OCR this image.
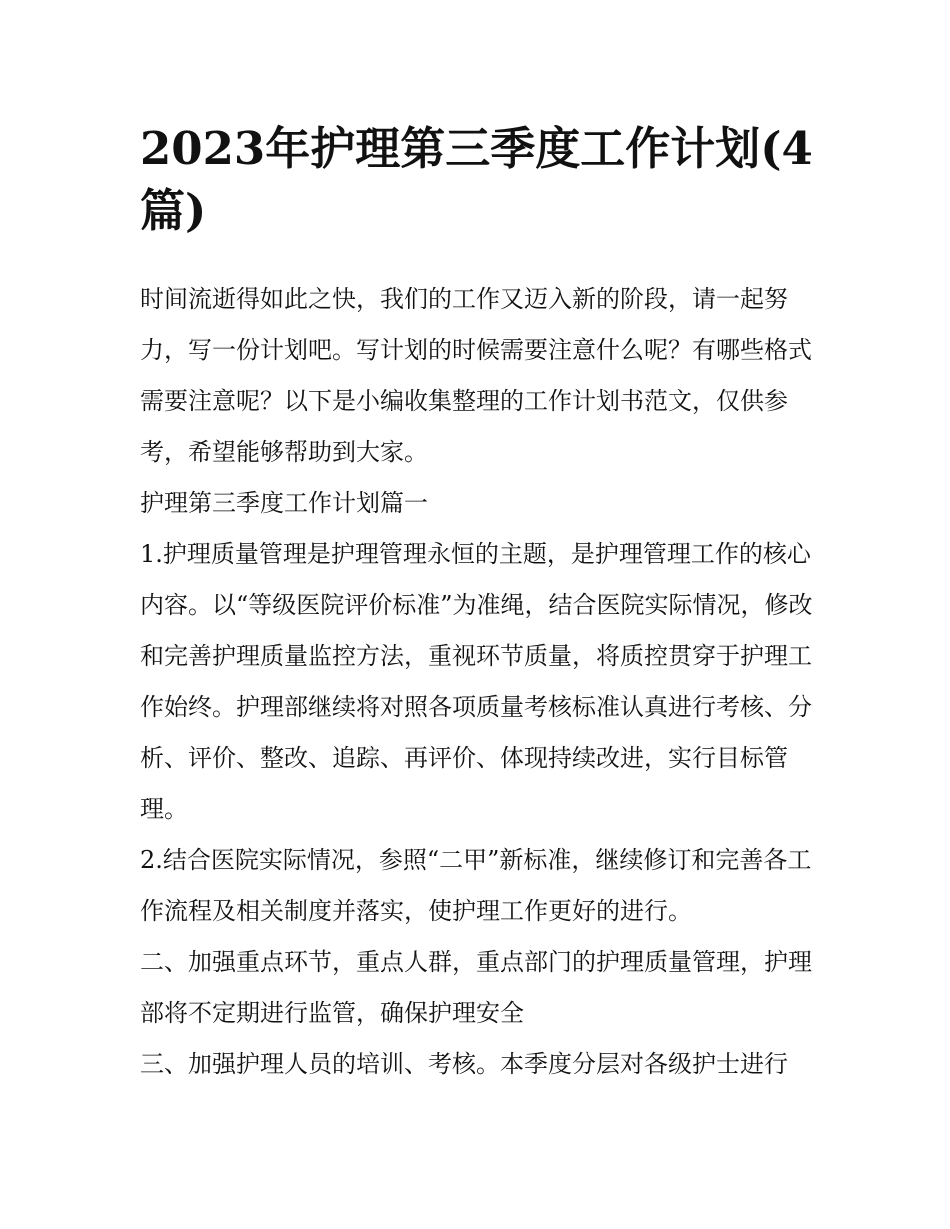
2023年护理第三季度工作计划(4篇)

时间流逝得如此之快，我们的工作又迈入新的阶段，请一起努力，写一份计划吧。写计划的时候需要注意什么呢？有哪些格式需要注意呢？以下是小编收集整理的工作计划书范文，仅供参考，希望能够帮助到大家。

护理第三季度工作计划篇一

1.护理质量管理是护理管理永恒的主题，是护理管理工作的核心内容。以“等级医院评价标准”为准绳，结合医院实际情况，修改和完善护理质量监控方法，重视环节质量，将质控贯穿于护理工作始终。护理部继续将对照各项质量考核标准认真进行考核、分析、评价、整改、追踪、再评价、体现持续改进，实行目标管理。

2.结合医院实际情况，参照“二甲”新标准，继续修订和完善各工作流程及相关制度并落实，使护理工作更好的进行。

二、加强重点环节，重点人群，重点部门的护理质量管理，护理部将不定期进行监管，确保护理安全

三、加强护理人员的培训、考核。本季度分层对各级护士进行
